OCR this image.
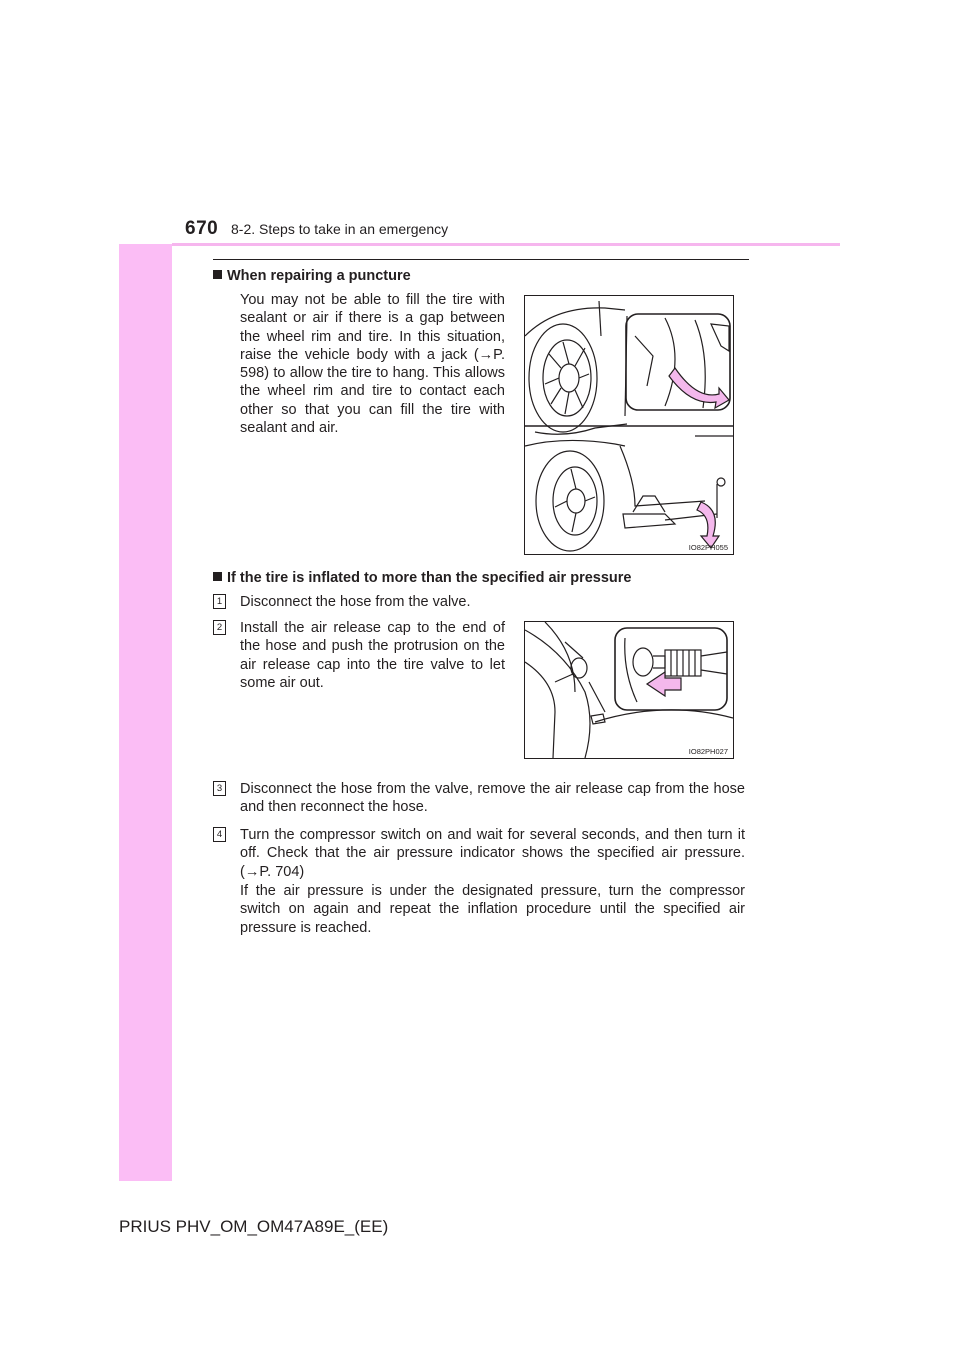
670 8-2. Steps to take in an emergency
When repairing a puncture
You may not be able to fill the tire with sealant or air if there is a gap between the wheel rim and tire. In this situation, raise the vehicle body with a jack (→P. 598) to allow the tire to hang. This allows the wheel rim and tire to contact each other so that you can fill the tire with sealant and air.
IO82PH055
If the tire is inflated to more than the specified air pressure
1 Disconnect the hose from the valve.
2 Install the air release cap to the end of the hose and push the protrusion on the air release cap into the tire valve to let some air out.
IO82PH027
3 Disconnect the hose from the valve, remove the air release cap from the hose and then reconnect the hose.
4 Turn the compressor switch on and wait for several seconds, and then turn it off. Check that the air pressure indicator shows the specified air pressure. (→P. 704)
If the air pressure is under the designated pressure, turn the compressor switch on again and repeat the inflation procedure until the specified air pressure is reached.
PRIUS PHV_OM_OM47A89E_(EE)
